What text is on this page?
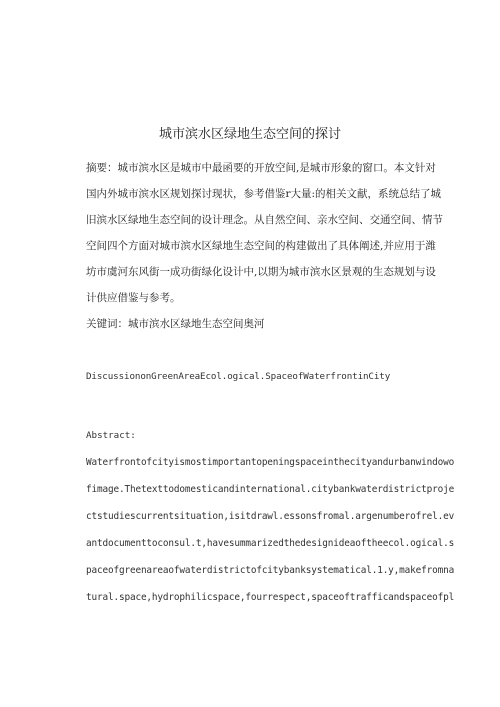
城市滨水区绿地生态空间的探讨
摘要：城市滨水区是城市中最函要的开放空间,是城市形象的窗口。本文针对
国内外城市滨水区规划探讨现状，参考借鉴r大量:的相关文献，系统总结了城
旧滨水区绿地生态空间的设计理念。从自然空间、亲水空间、交通空间、情节
空间四个方面对城市滨水区绿地生态空间的构建做出了具体阐述,并应用于潍
坊市虞河东风街一成功街绿化设计中,以期为城市滨水区景观的生态规划与设
计供应借鉴与参考。
关键词：城市滨水区绿地生态空间奥河
DiscussiononGreenAreaEcol.ogical.SpaceofWaterfrontinCity
Abstract:
Waterfrontofcityismostimportantopeningspaceinthecityandurbanwindowo
fimage.Thetexttodomesticandinternational.citybankwaterdistrictproje
ctstudiescurrentsituation,isitdrawl.essonsfromal.argenumberofrel.ev
antdocumenttoconsul.t,havesummarizedthedesignideaoftheecol.ogical.s
paceofgreenareaofwaterdistrictofcitybanksystematical.1.y,makefromna
tural.space,hydrophilicspace,fourrespect,spaceoftrafficandspaceofpl
